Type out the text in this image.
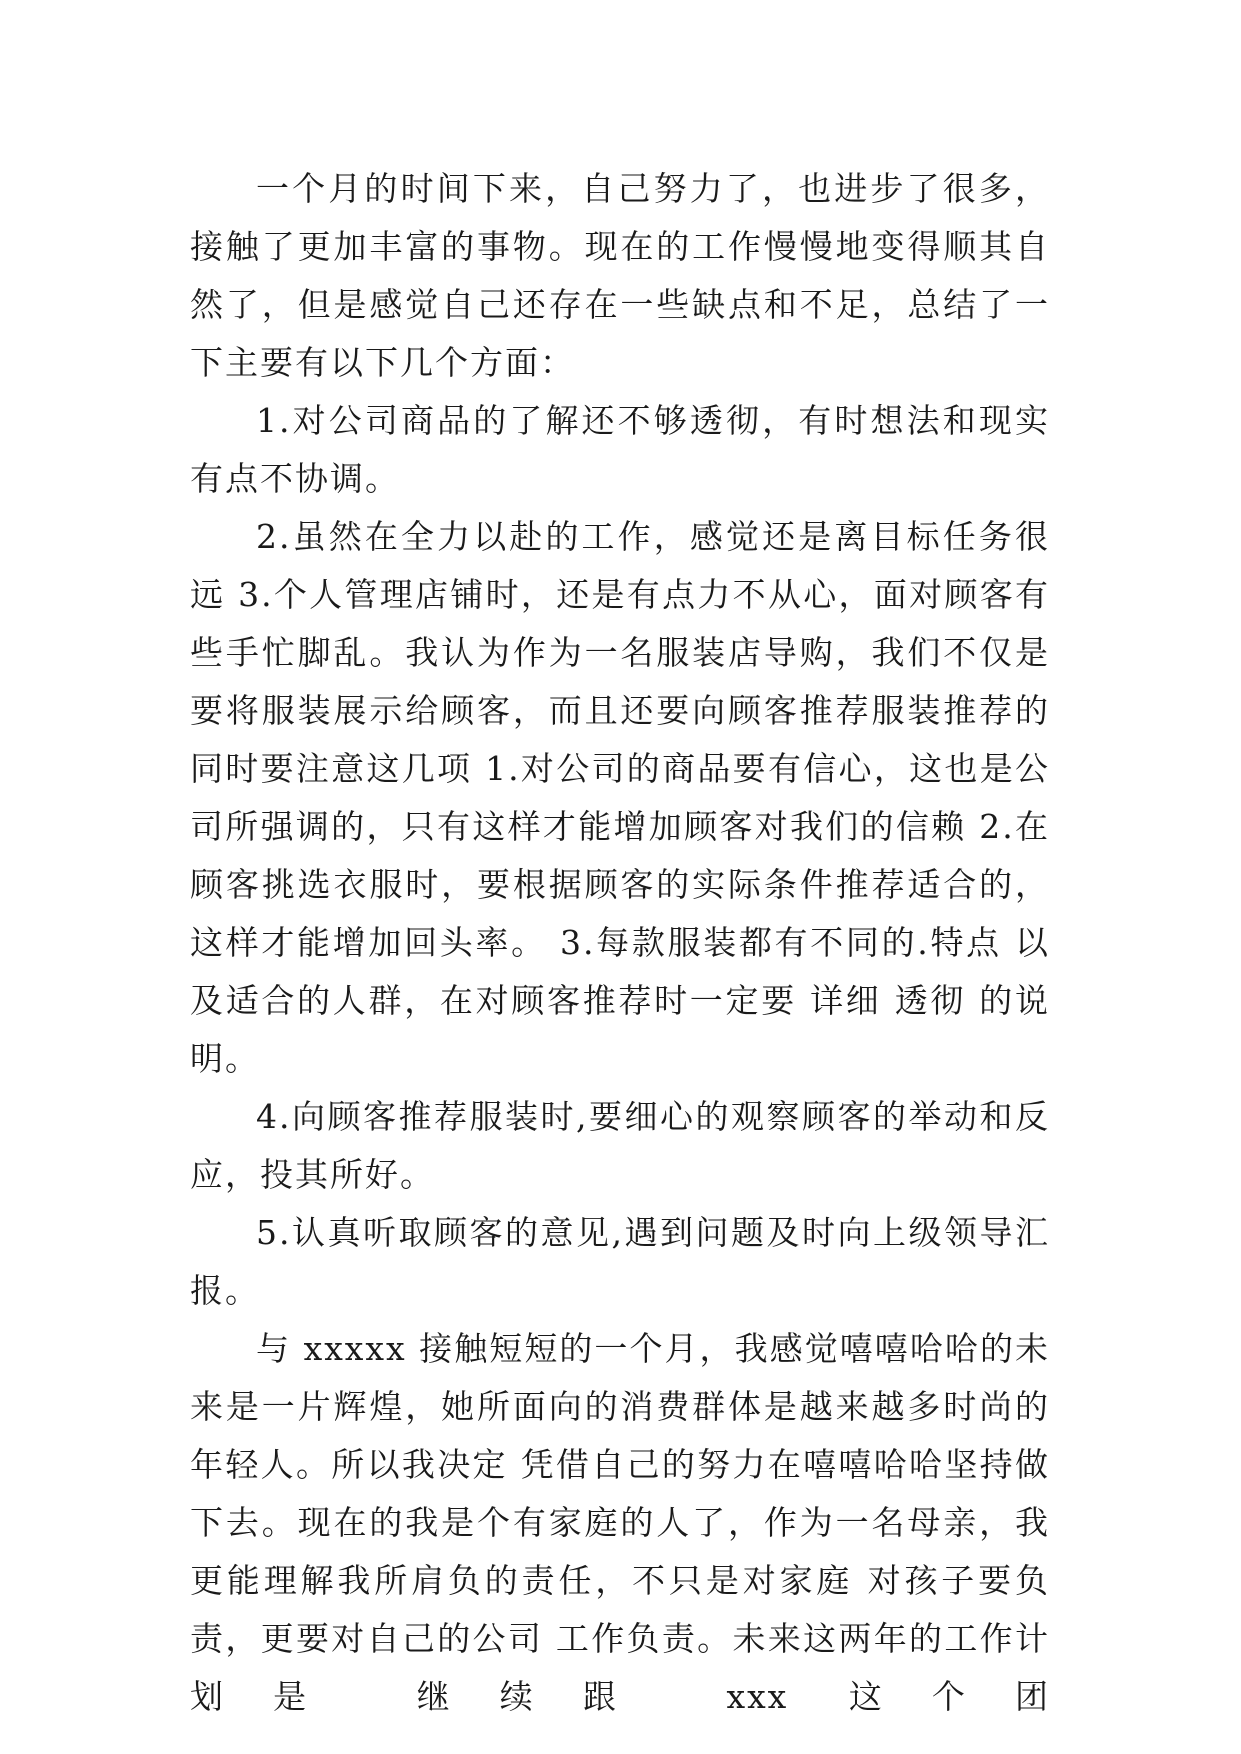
一个月的时间下来，自己努力了，也进步了很多，接触了更加丰富的事物。现在的工作慢慢地变得顺其自然了，但是感觉自己还存在一些缺点和不足，总结了一下主要有以下几个方面：

1.对公司商品的了解还不够透彻，有时想法和现实有点不协调。

2.虽然在全力以赴的工作，感觉还是离目标任务很远 3.个人管理店铺时，还是有点力不从心，面对顾客有些手忙脚乱。我认为作为一名服装店导购，我们不仅是要将服装展示给顾客，而且还要向顾客推荐服装推荐的同时要注意这几项 1.对公司的商品要有信心，这也是公司所强调的，只有这样才能增加顾客对我们的信赖 2.在顾客挑选衣服时，要根据顾客的实际条件推荐适合的，这样才能增加回头率。 3.每款服装都有不同的.特点 以及适合的人群，在对顾客推荐时一定要 详细 透彻 的说明。

4.向顾客推荐服装时,要细心的观察顾客的举动和反应，投其所好。

5.认真听取顾客的意见,遇到问题及时向上级领导汇报。

与 xxxxx 接触短短的一个月，我感觉嘻嘻哈哈的未来是一片辉煌，她所面向的消费群体是越来越多时尚的年轻人。所以我决定 凭借自己的努力在嘻嘻哈哈坚持做下去。现在的我是个有家庭的人了，作为一名母亲，我更能理解我所肩负的责任，不只是对家庭 对孩子要负责，更要对自己的公司 工作负责。未来这两年的工作计划是 继续跟 xxx 这个团
